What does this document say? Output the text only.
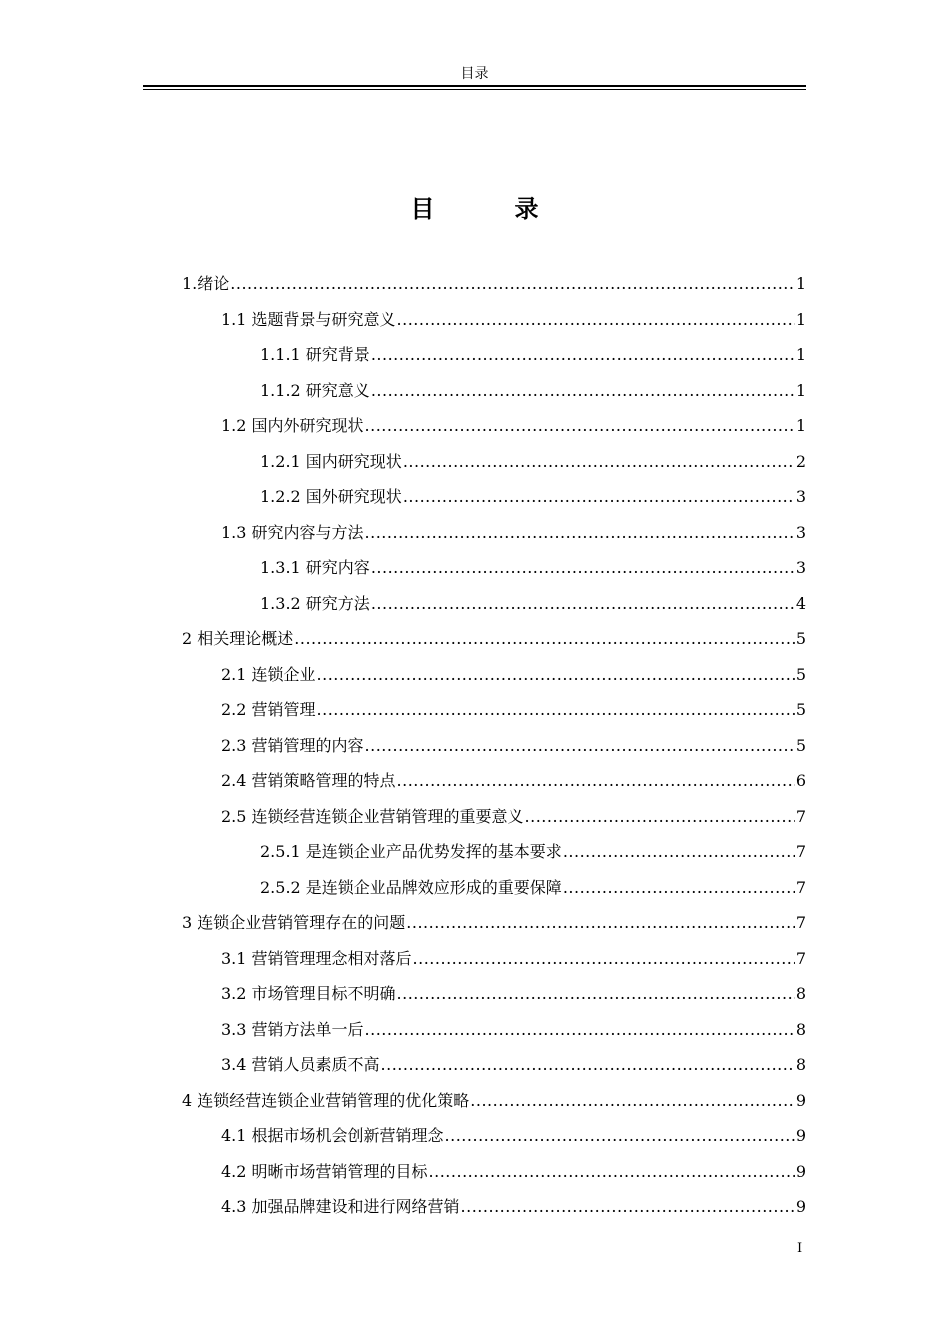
目录
目　录
1.绪论 .....	1
1.1 选题背景与研究意义 .....	1
1.1.1 研究背景 .....	1
1.1.2 研究意义 .....	1
1.2 国内外研究现状 .....	1
1.2.1 国内研究现状 .....	2
1.2.2 国外研究现状 .....	3
1.3 研究内容与方法 .....	3
1.3.1 研究内容 .....	3
1.3.2 研究方法 .....	4
2 相关理论概述 .....	5
2.1 连锁企业 .....	5
2.2 营销管理 .....	5
2.3 营销管理的内容 .....	5
2.4 营销策略管理的特点 .....	6
2.5 连锁经营连锁企业营销管理的重要意义 .....	7
2.5.1 是连锁企业产品优势发挥的基本要求 .....	7
2.5.2 是连锁企业品牌效应形成的重要保障 .....	7
3 连锁企业营销管理存在的问题 .....	7
3.1 营销管理理念相对落后 .....	7
3.2 市场管理目标不明确 .....	8
3.3 营销方法单一后 .....	8
3.4 营销人员素质不高 .....	8
4 连锁经营连锁企业营销管理的优化策略 .....	9
4.1 根据市场机会创新营销理念 .....	9
4.2 明晰市场营销管理的目标 .....	9
4.3 加强品牌建设和进行网络营销 .....	9
I
